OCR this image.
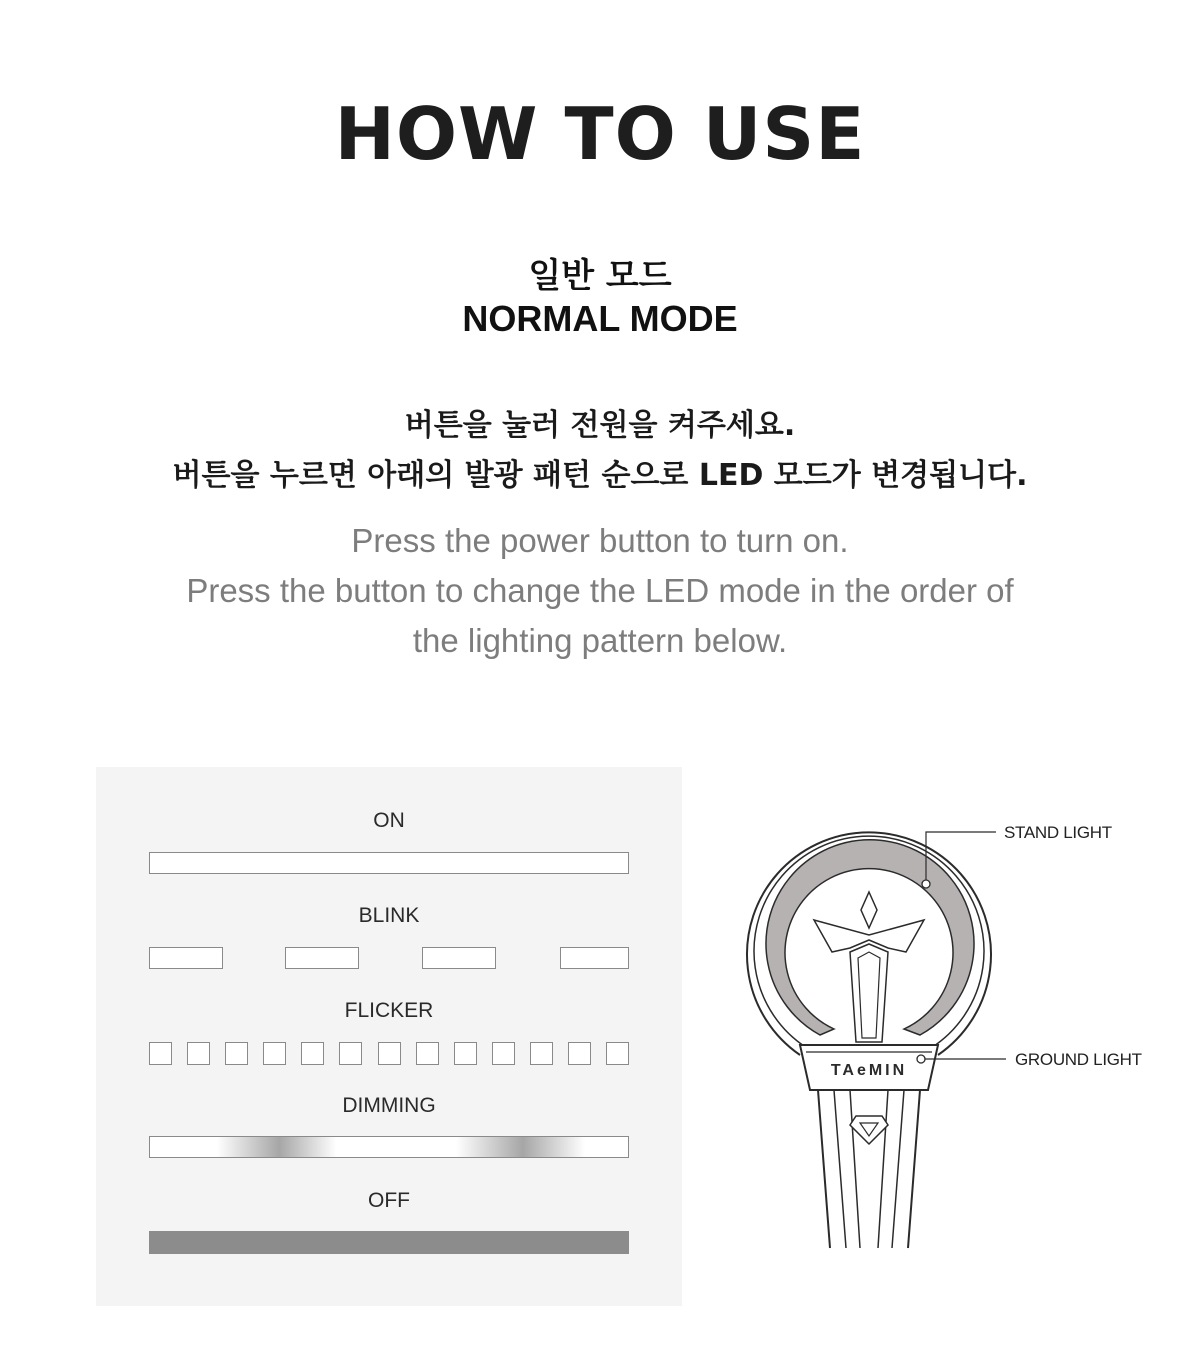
HOW TO USE
일반 모드
NORMAL MODE
버튼을 눌러 전원을 켜주세요.
버튼을 누르면 아래의 발광 패턴 순으로 LED 모드가 변경됩니다.
Press the power button to turn on.
Press the button to change the LED mode in the order of
the lighting pattern below.
ON
BLINK
FLICKER
DIMMING
OFF
TAeMIN
STAND LIGHT
GROUND LIGHT
